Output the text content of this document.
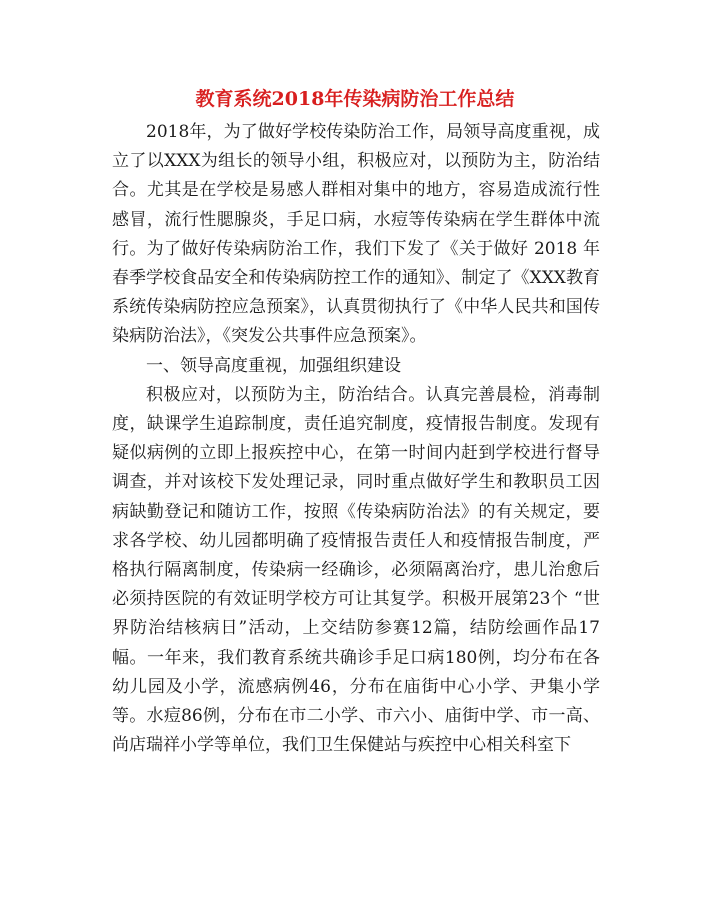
教育系统2018年传染病防治工作总结

2018年，为了做好学校传染防治工作，局领导高度重视，成立了以XXX为组长的领导小组，积极应对，以预防为主，防治结合。尤其是在学校是易感人群相对集中的地方，容易造成流行性感冒，流行性腮腺炎，手足口病，水痘等传染病在学生群体中流行。为了做好传染病防治工作，我们下发了《关于做好 2018 年春季学校食品安全和传染病防控工作的通知》、制定了《XXX教育系统传染病防控应急预案》，认真贯彻执行了《中华人民共和国传染病防治法》，《突发公共事件应急预案》。

一、领导高度重视，加强组织建设

积极应对，以预防为主，防治结合。认真完善晨检，消毒制度，缺课学生追踪制度，责任追究制度，疫情报告制度。发现有疑似病例的立即上报疾控中心，在第一时间内赶到学校进行督导调查，并对该校下发处理记录，同时重点做好学生和教职员工因病缺勤登记和随访工作，按照《传染病防治法》的有关规定，要求各学校、幼儿园都明确了疫情报告责任人和疫情报告制度，严格执行隔离制度，传染病一经确诊，必须隔离治疗，患儿治愈后必须持医院的有效证明学校方可让其复学。积极开展第23个 “世界防治结核病日”活动，上交结防参赛12篇，结防绘画作品17幅。一年来，我们教育系统共确诊手足口病180例，均分布在各幼儿园及小学，流感病例46，分布在庙街中心小学、尹集小学等。水痘86例，分布在市二小学、市六小、庙街中学、市一高、尚店瑞祥小学等单位，我们卫生保健站与疾控中心相关科室下
